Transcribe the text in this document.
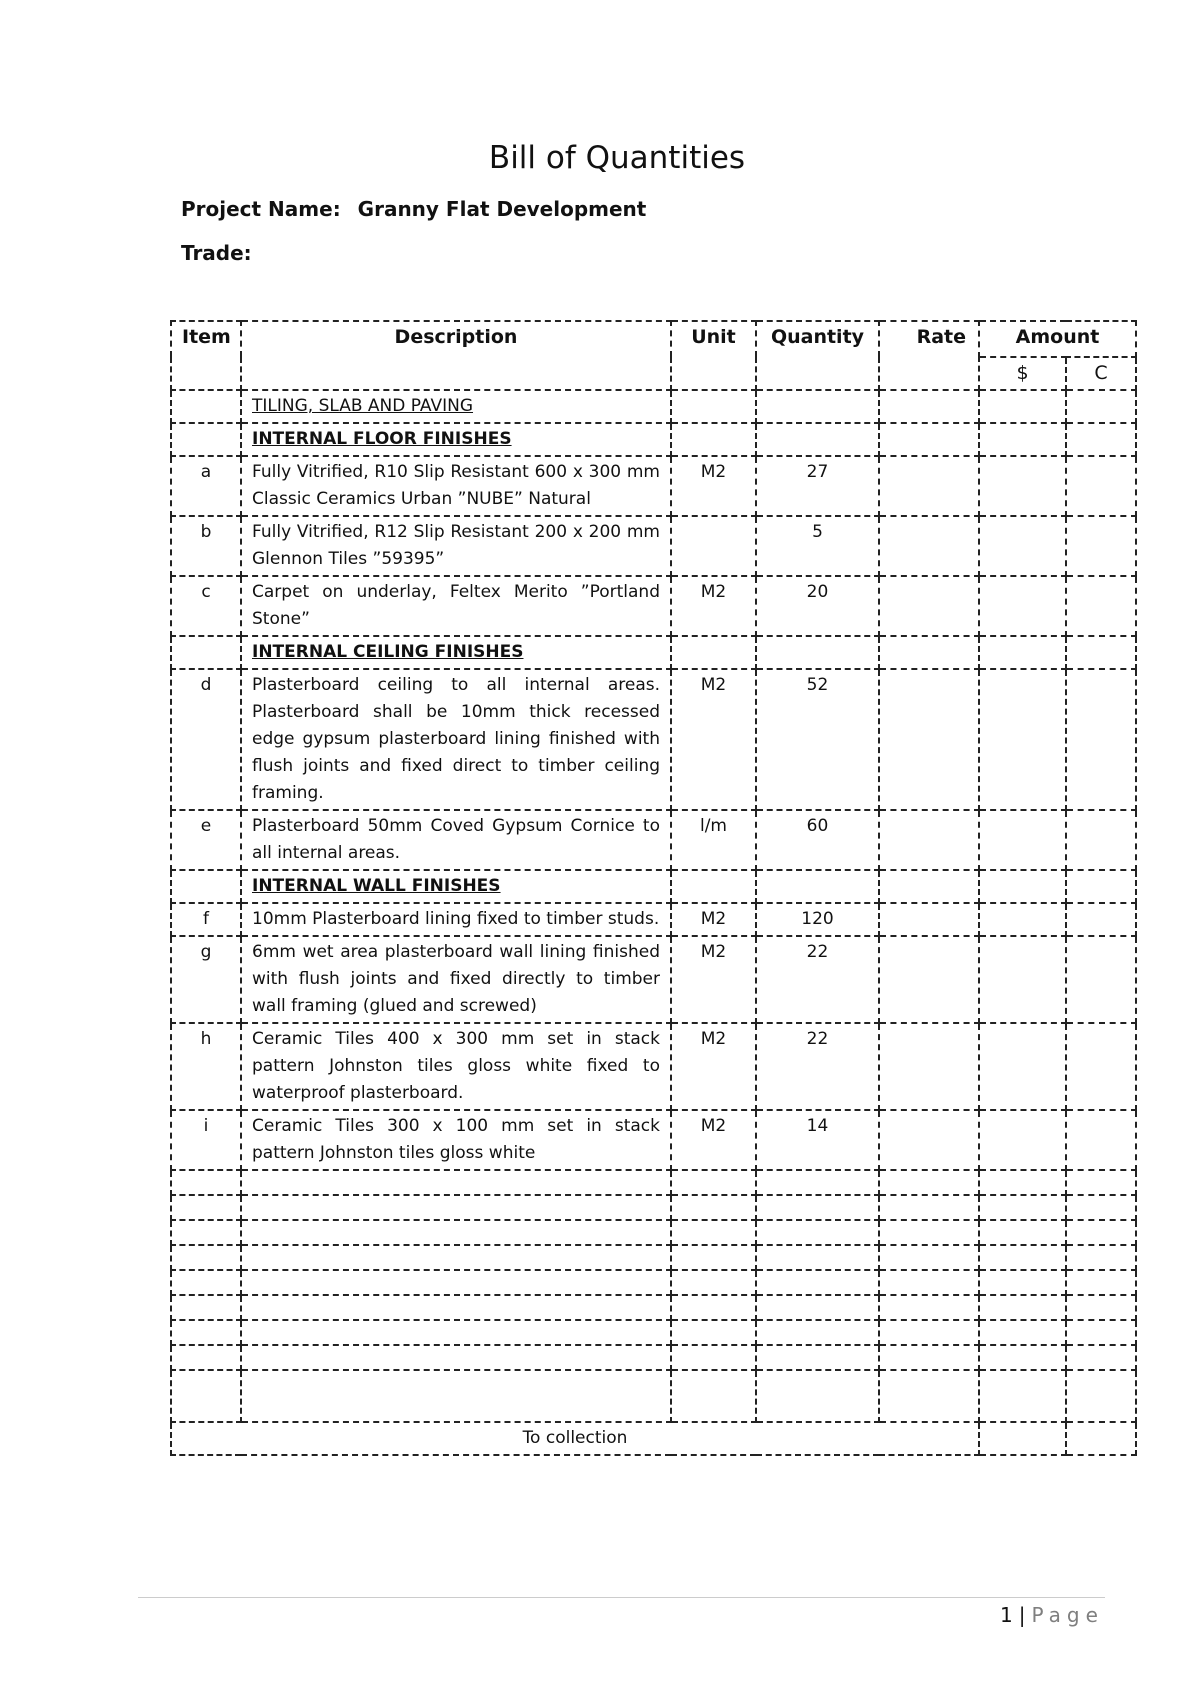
Bill of Quantities
Project Name: Granny Flat Development
Trade:
Item	Description	Unit	Quantity	Rate	Amount	
					$	C
	TILING, SLAB AND PAVING					
	INTERNAL FLOOR FINISHES					
a	Fully Vitrified, R10 Slip Resistant 600 x 300 mm Classic Ceramics Urban ”NUBE” Natural	M2	27			
b	Fully Vitrified, R12 Slip Resistant 200 x 200 mm Glennon Tiles ”59395”		5			
c	Carpet on underlay, Feltex Merito ”Portland Stone”	M2	20			
	INTERNAL CEILING FINISHES					
d	Plasterboard ceiling to all internal areas. Plasterboard shall be 10mm thick recessed edge gypsum plasterboard lining finished with flush joints and fixed direct to timber ceiling framing.	M2	52			
e	Plasterboard 50mm Coved Gypsum Cornice to all internal areas.	l/m	60			
	INTERNAL WALL FINISHES					
f	10mm Plasterboard lining fixed to timber studs.	M2	120			
g	6mm wet area plasterboard wall lining finished with flush joints and fixed directly to timber wall framing (glued and screwed)	M2	22			
h	Ceramic Tiles 400 x 300 mm set in stack pattern Johnston tiles gloss white fixed to waterproof plasterboard.	M2	22			
i	Ceramic Tiles 300 x 100 mm set in stack pattern Johnston tiles gloss white	M2	14			

To collection						
1 | Page
